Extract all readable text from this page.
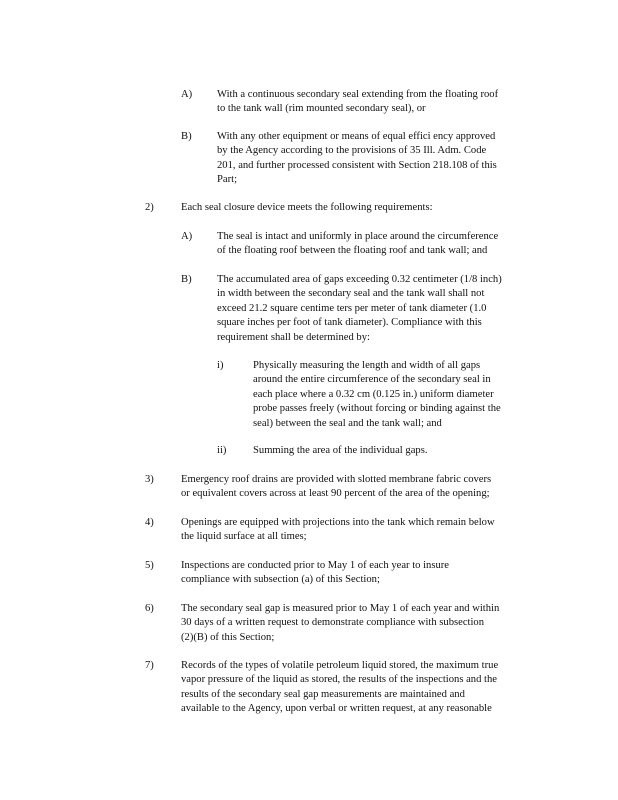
A) With a continuous secondary seal extending from the floating roof
to the tank wall (rim mounted secondary seal), or
B) With any other equipment or means of equal effici ency approved
by the Agency according to the provisions of 35 Ill. Adm. Code
201, and further processed consistent with Section 218.108 of this
Part;
2)	Each seal closure device meets the following requirements:
A) The seal is intact and uniformly in place around the circumference
of the floating roof between the floating roof and tank wall; and
B) The accumulated area of gaps exceeding 0.32 centimeter (1/8 inch)
in width between the secondary seal and the tank wall shall not
exceed 21.2 square centime ters per meter of tank diameter (1.0
square inches per foot of tank diameter). Compliance with this
requirement shall be determined by:
i)	Physically measuring the length and width of all gaps
around the entire circumference of the secondary seal in
each place where a 0.32 cm (0.125 in.) uniform diameter
probe passes freely (without forcing or binding against the
seal) between the seal and the tank wall; and
ii)	Summing the area of the individual gaps.
3)	Emergency roof drains are provided with slotted membrane fabric covers
or equivalent covers across at least 90 percent of the area of the opening;
4)	Openings are equipped with projections into the tank which remain below
the liquid surface at all times;
5)	Inspections are conducted prior to May 1 of each year to insure
compliance with subsection (a) of this Section;
6)	The secondary seal gap is measured prior to May 1 of each year and within
30 days of a written request to demonstrate compliance with subsection
(2)(B) of this Section;
7)	Records of the types of volatile petroleum liquid stored, the maximum true
vapor pressure of the liquid as stored, the results of the inspections and the
results of the secondary seal gap measurements are maintained and
available to the Agency, upon verbal or written request, at any reasonable
